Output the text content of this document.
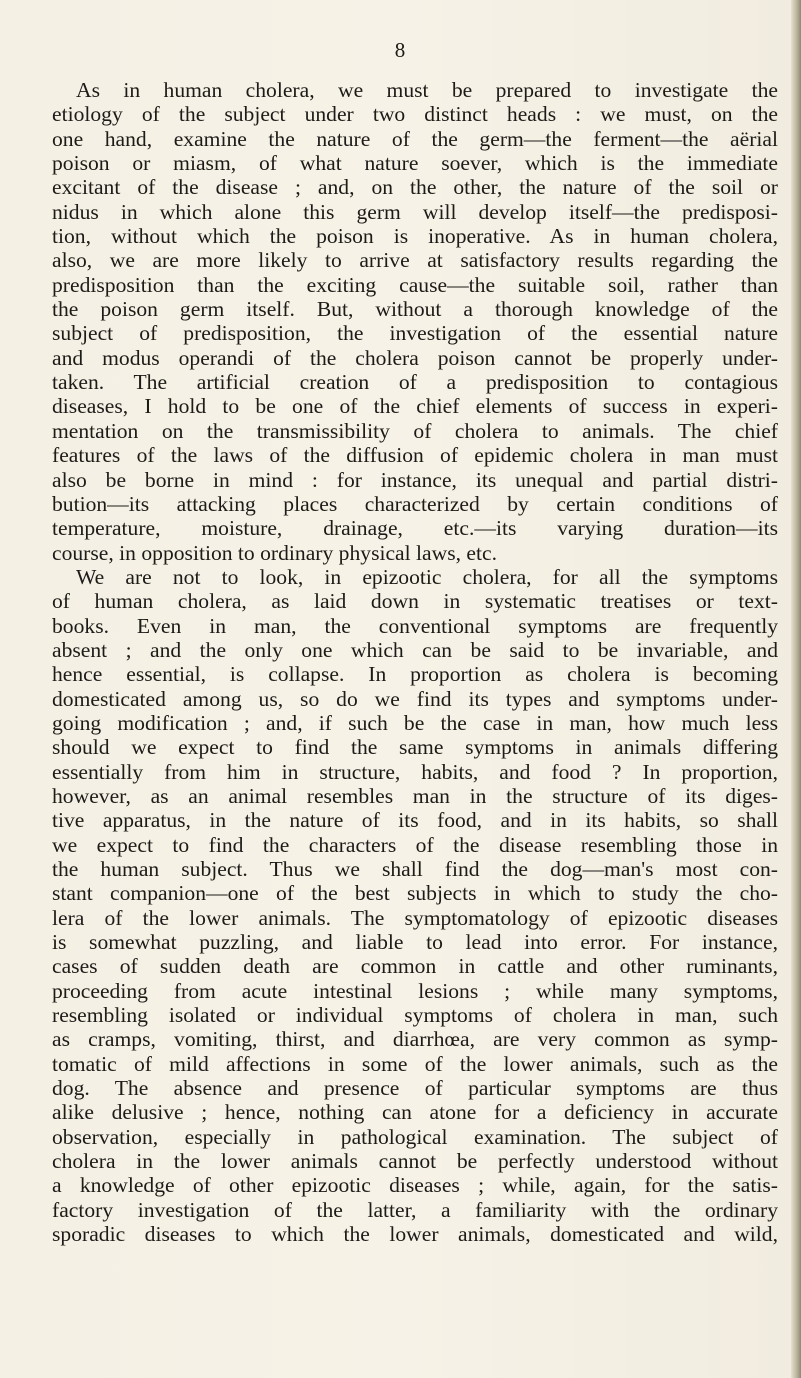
8
As in human cholera, we must be prepared to investigate the
etiology of the subject under two distinct heads : we must, on the
one hand, examine the nature of the germ—the ferment—the aërial
poison or miasm, of what nature soever, which is the immediate
excitant of the disease ; and, on the other, the nature of the soil or
nidus in which alone this germ will develop itself—the predisposi-
tion, without which the poison is inoperative. As in human cholera,
also, we are more likely to arrive at satisfactory results regarding the
predisposition than the exciting cause—the suitable soil, rather than
the poison germ itself. But, without a thorough knowledge of the
subject of predisposition, the investigation of the essential nature
and modus operandi of the cholera poison cannot be properly under-
taken. The artificial creation of a predisposition to contagious
diseases, I hold to be one of the chief elements of success in experi-
mentation on the transmissibility of cholera to animals. The chief
features of the laws of the diffusion of epidemic cholera in man must
also be borne in mind : for instance, its unequal and partial distri-
bution—its attacking places characterized by certain conditions of
temperature, moisture, drainage, etc.—its varying duration—its
course, in opposition to ordinary physical laws, etc.
We are not to look, in epizootic cholera, for all the symptoms
of human cholera, as laid down in systematic treatises or text-
books. Even in man, the conventional symptoms are frequently
absent ; and the only one which can be said to be invariable, and
hence essential, is collapse. In proportion as cholera is becoming
domesticated among us, so do we find its types and symptoms under-
going modification ; and, if such be the case in man, how much less
should we expect to find the same symptoms in animals differing
essentially from him in structure, habits, and food ? In proportion,
however, as an animal resembles man in the structure of its diges-
tive apparatus, in the nature of its food, and in its habits, so shall
we expect to find the characters of the disease resembling those in
the human subject. Thus we shall find the dog—man's most con-
stant companion—one of the best subjects in which to study the cho-
lera of the lower animals. The symptomatology of epizootic diseases
is somewhat puzzling, and liable to lead into error. For instance,
cases of sudden death are common in cattle and other ruminants,
proceeding from acute intestinal lesions ; while many symptoms,
resembling isolated or individual symptoms of cholera in man, such
as cramps, vomiting, thirst, and diarrhœa, are very common as symp-
tomatic of mild affections in some of the lower animals, such as the
dog. The absence and presence of particular symptoms are thus
alike delusive ; hence, nothing can atone for a deficiency in accurate
observation, especially in pathological examination. The subject of
cholera in the lower animals cannot be perfectly understood without
a knowledge of other epizootic diseases ; while, again, for the satis-
factory investigation of the latter, a familiarity with the ordinary
sporadic diseases to which the lower animals, domesticated and wild,
